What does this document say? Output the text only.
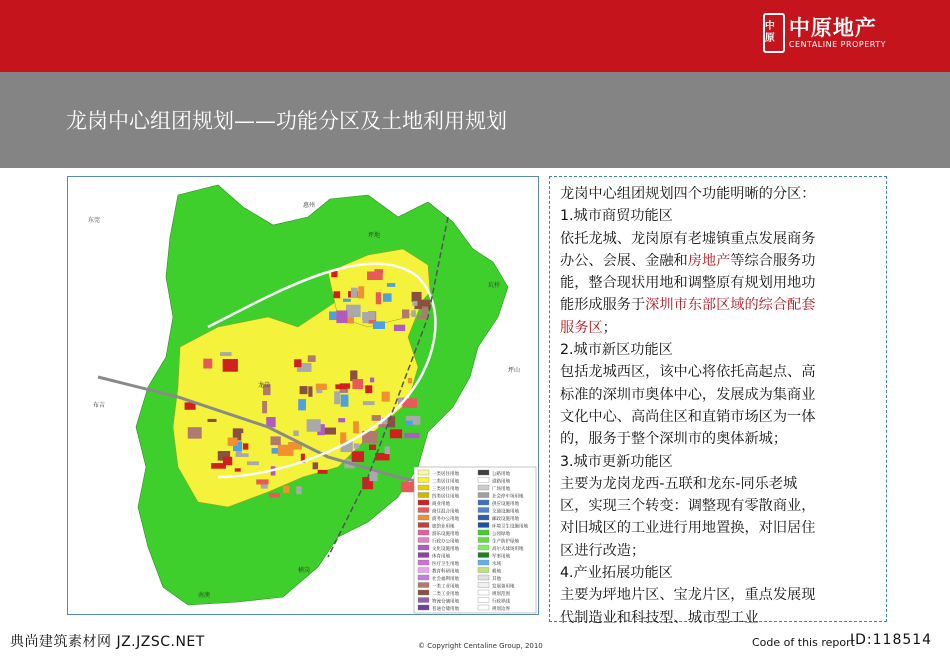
中原 中原地产
CENTALINE PROPERTY
龙岗中心组团规划——功能分区及土地利用规划
一类居住用地
二类居住用地
三类居住用地
四类居住用地
商业用地
商住混合用地
商务办公用地
旅馆业用地
游乐设施用地
行政办公用地
文化设施用地
体育用地
医疗卫生用地
教育科研用地
社会福利用地
一类工业用地
二类工业用地
物流仓储用地
普通仓储用地
公路用地
道路用地
广场用地
社会停车场用地
供应设施用地
交通设施用地
邮政设施用地
环境卫生设施用地
公园绿地
生产防护绿地
高尔夫球场用地
军事用地
水域
耕地
其他
发展备用地
规划范围
行政界线
规划边界
东莞
惠州
坑梓
坪山
坪地
横岗
龙岗
布吉
南澳

龙岗中心组团规划四个功能明晰的分区：

1.城市商贸功能区

依托龙城、龙岗原有老墟镇重点发展商务

办公、会展、金融和房地产等综合服务功

能，整合现状用地和调整原有规划用地功

能形成服务于深圳市东部区域的综合配套

服务区；

2.城市新区功能区

包括龙城西区，该中心将依托高起点、高

标准的深圳市奥体中心，发展成为集商业

文化中心、高尚住区和直销市场区为一体

的，服务于整个深圳市的奥体新城；

3.城市更新功能区

主要为龙岗龙西-五联和龙东-同乐老城

区，实现三个转变：调整现有零散商业，

对旧城区的工业进行用地置换，对旧居住

区进行改造；

4.产业拓展功能区

主要为坪地片区、宝龙片区，重点发展现

代制造业和科技型、城市型工业

典尚建筑素材网 JZ.JZSC.NET	© Copyright Centaline Group, 2010	Code of this report
ID:118514
